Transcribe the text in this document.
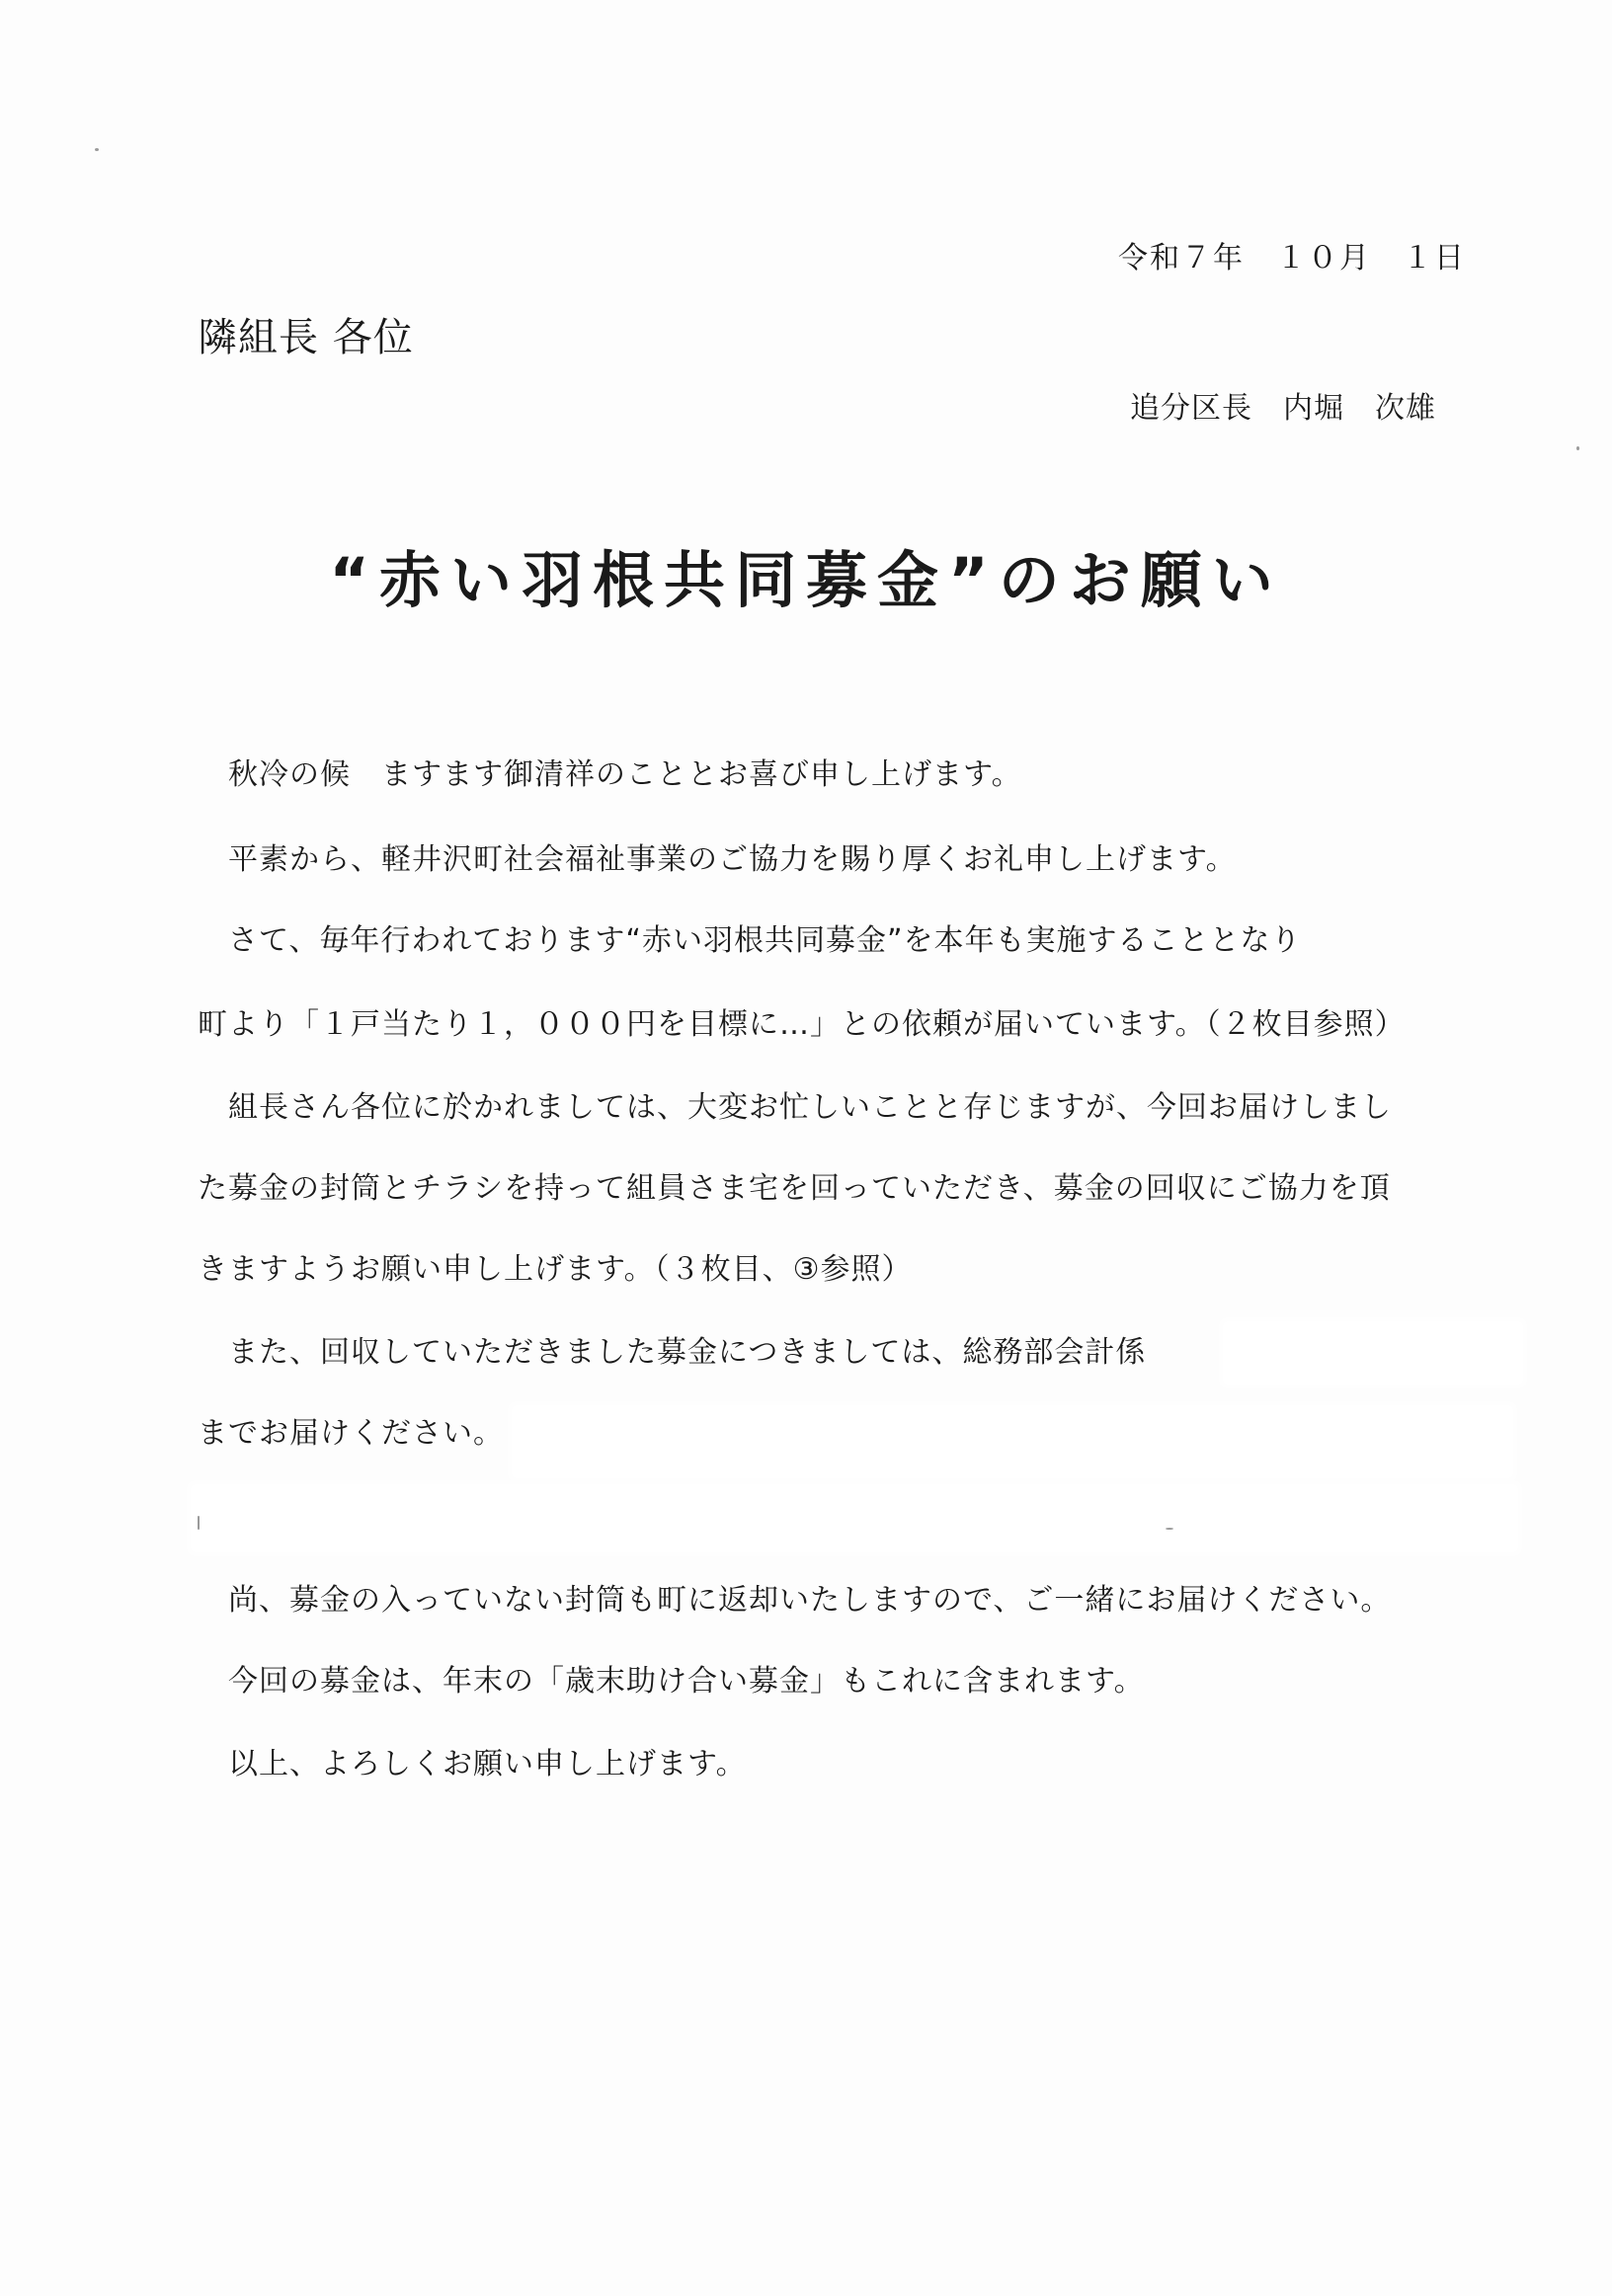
令和７年　１０月　１日
隣組長 各位
追分区長　内堀　次雄
“赤い羽根共同募金”のお願い
　秋冷の候　ますます御清祥のこととお喜び申し上げます。
　平素から、軽井沢町社会福祉事業のご協力を賜り厚くお礼申し上げます。
　さて、毎年行われております“赤い羽根共同募金”を本年も実施することとなり
町より「１戸当たり１，０００円を目標に…」との依頼が届いています。（２枚目参照）
　組長さん各位に於かれましては、大変お忙しいことと存じますが、今回お届けしまし
た募金の封筒とチラシを持って組員さま宅を回っていただき、募金の回収にご協力を頂
きますようお願い申し上げます。（３枚目、③参照）
　また、回収していただきました募金につきましては、総務部会計係
までお届けください。
　尚、募金の入っていない封筒も町に返却いたしますので、ご一緒にお届けください。
　今回の募金は、年末の「歳末助け合い募金」もこれに含まれます。
　以上、よろしくお願い申し上げます。
